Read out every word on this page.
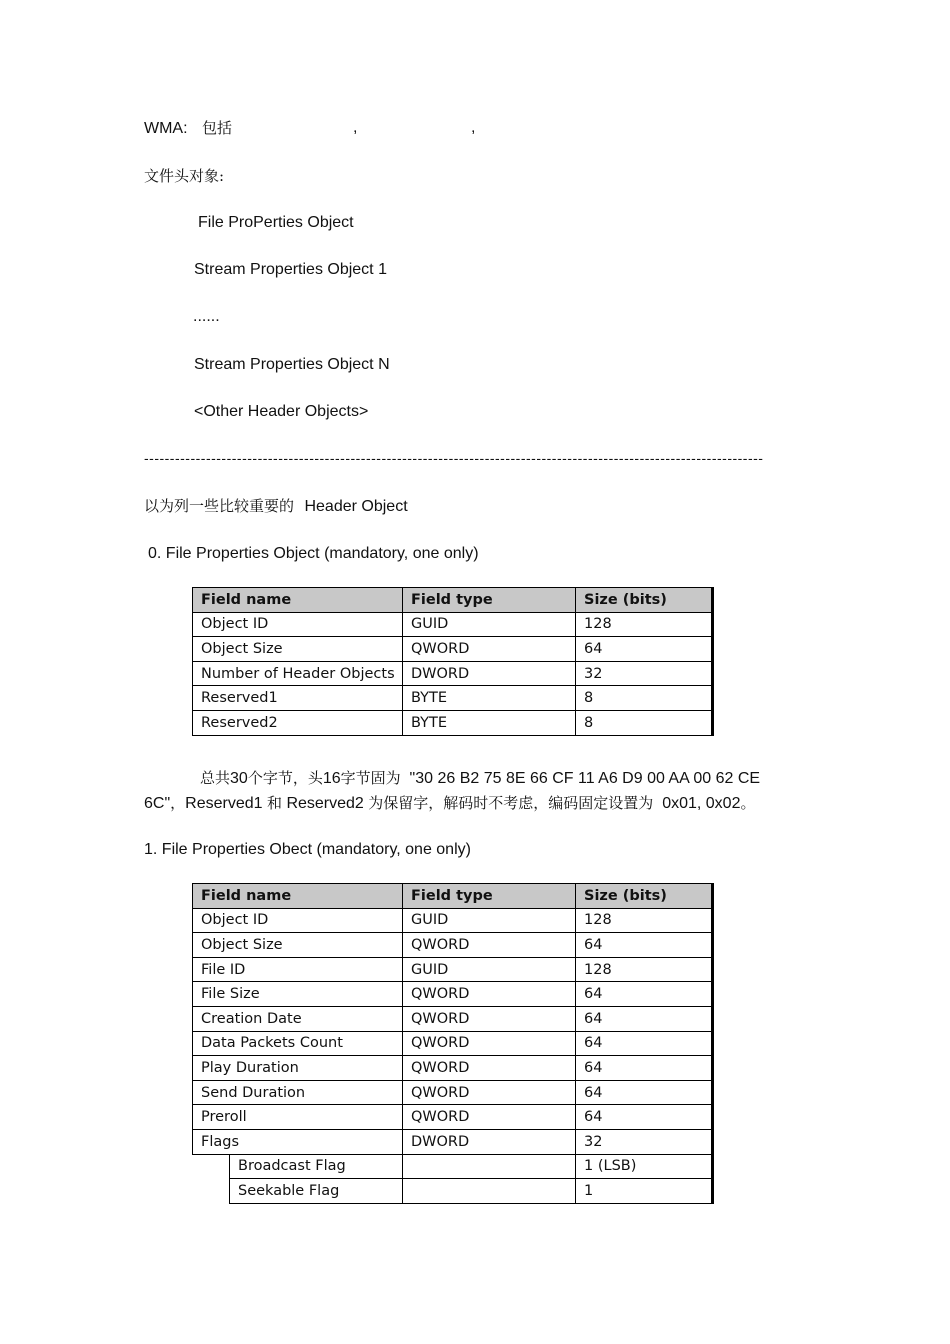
WMA: 包括	,	,
文件头对象:
File ProPerties Object
Stream Properties Object 1
......
Stream Properties Object N
<Other Header Objects>
------------------------------------------------------------------------------------------------------------------------
以为列一些比较重要的 Header Object
0. File Properties Object (mandatory, one only)
Field name	Field type	Size (bits)
Object ID	GUID	128
Object Size	QWORD	64
Number of Header Objects	DWORD	32
Reserved1	BYTE	8
Reserved2	BYTE	8
总共30个字节，头16字节固为 "30 26 B2 75 8E 66 CF 11 A6 D9 00 AA 00 62 CE
6C"，Reserved1 和 Reserved2 为保留字，解码时不考虑，编码固定设置为 0x01, 0x02。
1. File Properties Obect (mandatory, one only)
Field name		Field type	Size (bits)
Object ID		GUID	128
Object Size		QWORD	64
File ID		GUID	128
File Size		QWORD	64
Creation Date		QWORD	64
Data Packets Count		QWORD	64
Play Duration		QWORD	64
Send Duration		QWORD	64
Preroll		QWORD	64
Flags		DWORD	32
	Broadcast Flag		1 (LSB)
	Seekable Flag		1
